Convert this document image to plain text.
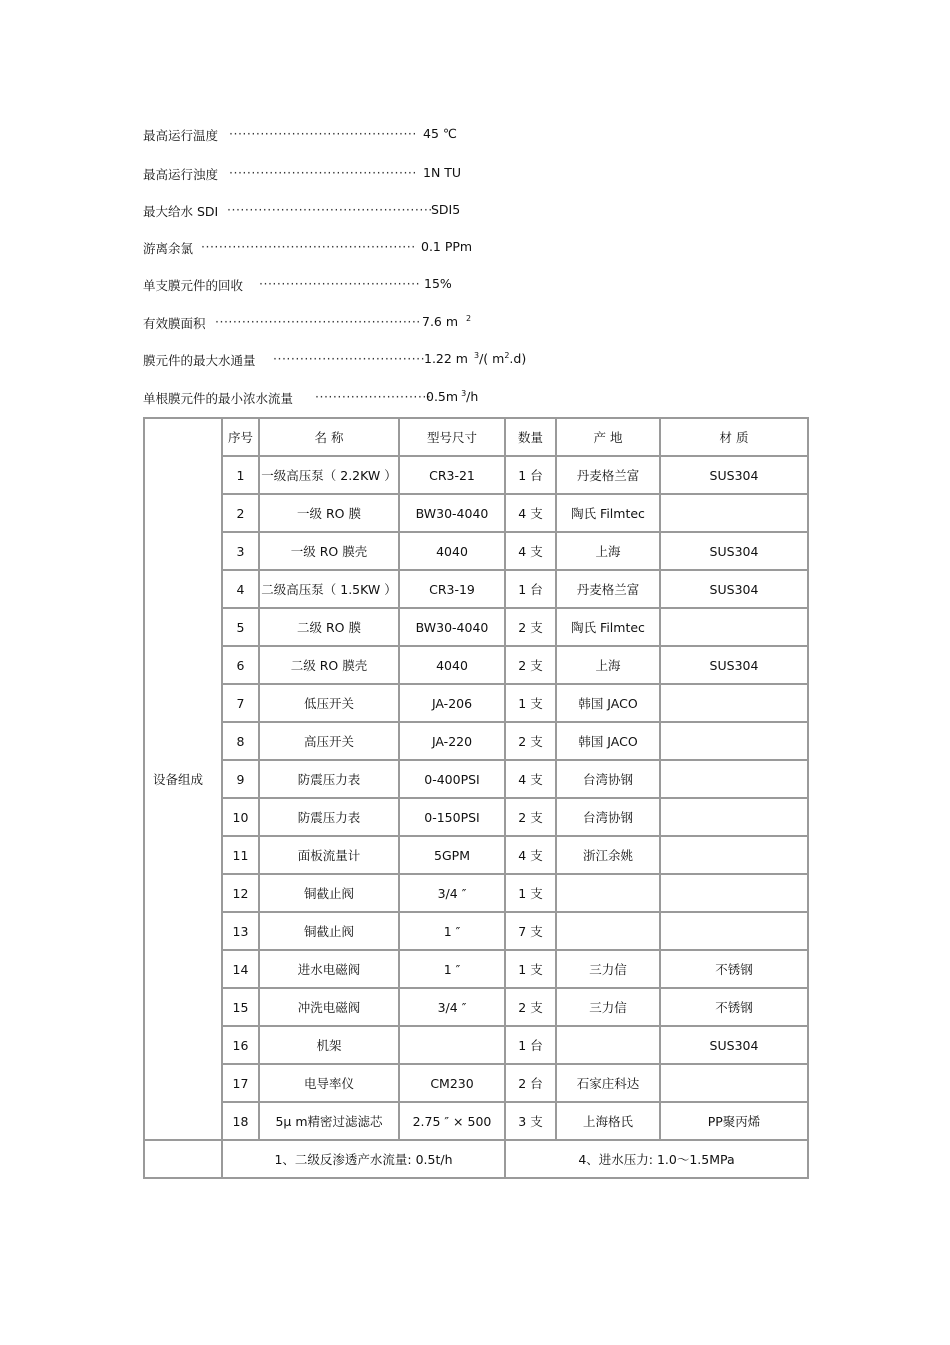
最高运行温度 ·········································· 45 ℃
最高运行浊度 ·········································· 1N TU
最大给水 SDI ··············································
SDI5
游离余氯 ················································ 0.1 PPm
单支膜元件的回收 ···································· 15%
有效膜面积 ·············································· 7.6 m $^2$
膜元件的最大水通量 ··································
1.22 m $^3$/( $m^2.d$)
单根膜元件的最小浓水流量 ··························
0.5m $^3$/h
设备组成	序号	名 称	型号尺寸	数量	产 地	材 质
	1	一级高压泵（ 2.2KW ）	CR3-21	1 台	丹麦格兰富	SUS304
	2	一级 RO 膜	BW30-4040	4 支	陶氏 Filmtec	
	3	一级 RO 膜壳	4040	4 支	上海	SUS304
	4	二级高压泵（ 1.5KW ）	CR3-19	1 台	丹麦格兰富	SUS304
	5	二级 RO 膜	BW30-4040	2 支	陶氏 Filmtec	
	6	二级 RO 膜壳	4040	2 支	上海	SUS304
	7	低压开关	JA-206	1 支	韩国 JACO	
	8	高压开关	JA-220	2 支	韩国 JACO	
	9	防震压力表	0-400PSI	4 支	台湾协钢	
	10	防震压力表	0-150PSI	2 支	台湾协钢	
	11	面板流量计	5GPM	4 支	浙江余姚	
	12	铜截止阀	3/4 ″	1 支		
	13	铜截止阀	1 ″	7 支		
	14	进水电磁阀	1 ″	1 支	三力信	不锈钢
	15	冲洗电磁阀	3/4 ″	2 支	三力信	不锈钢
	16	机架		1 台		SUS304
	17	电导率仪	CM230	2 台	石家庄科达	
	18	5μ m精密过滤滤芯	2.75 ″ × 500	3 支	上海格氏	PP聚丙烯
	1、二级反渗透产水流量: 0.5t/h			4、进水压力: 1.0～1.5MPa		
